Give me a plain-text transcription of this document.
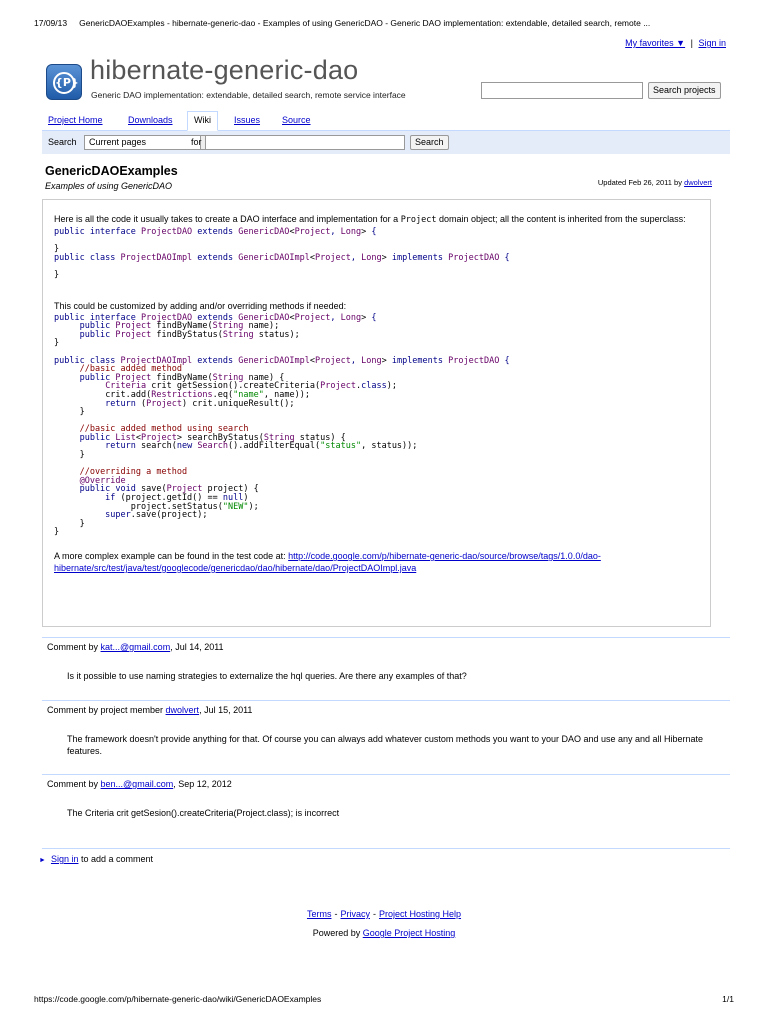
17/09/13 GenericDAOExamples - hibernate-generic-dao - Examples of using GenericDAO - Generic DAO implementation: extendable, detailed search, remote ...
My favorites ▼ | Sign in
{P} hibernate-generic-dao
Generic DAO implementation: extendable, detailed search, remote service interface	Search projects
Project Home	Downloads	Wiki	Issues Source
Search	Current pages	for	Search
GenericDAOExamples
Examples of using GenericDAO	Updated Feb 26, 2011 by dwolvert
Here is all the code it usually takes to create a DAO interface and implementation for a Project domain object; all the content is inherited from the superclass:
public interface ProjectDAO extends GenericDAO<Project, Long> {

}
public class ProjectDAOImpl extends GenericDAOImpl<Project, Long> implements ProjectDAO {

}
This could be customized by adding and/or overriding methods if needed:
public interface ProjectDAO extends GenericDAO<Project, Long> {
public Project findByName(String name);
public Project findByStatus(String status);
}

public class ProjectDAOImpl extends GenericDAOImpl<Project, Long> implements ProjectDAO {
//basic added method
public Project findByName(String name) {
Criteria crit getSession().createCriteria(Project.class);
crit.add(Restrictions.eq("name", name));
return (Project) crit.uniqueResult();
}

//basic added method using search
public List<Project> searchByStatus(String status) {
return search(new Search().addFilterEqual("status", status));
}

//overriding a method
@Override
public void save(Project project) {
if (project.getId() == null)
project.setStatus("NEW");
super.save(project);
}
}
A more complex example can be found in the test code at: http://code.google.com/p/hibernate-generic-dao/source/browse/tags/1.0.0/dao-hibernate/src/test/java/test/googlecode/genericdao/dao/hibernate/dao/ProjectDAOImpl.java
Comment by kat...@gmail.com, Jul 14, 2011
Is it possible to use naming strategies to externalize the hql queries. Are there any examples of that?
Comment by project member dwolvert, Jul 15, 2011
The framework doesn't provide anything for that. Of course you can always add whatever custom methods you want to your DAO and use any and all Hibernate features.
Comment by ben...@gmail.com, Sep 12, 2012
The Criteria crit getSesion().createCriteria(Project.class); is incorrect
► Sign in to add a comment
Terms - Privacy - Project Hosting Help
Powered by Google Project Hosting
https://code.google.com/p/hibernate-generic-dao/wiki/GenericDAOExamples	1/1
